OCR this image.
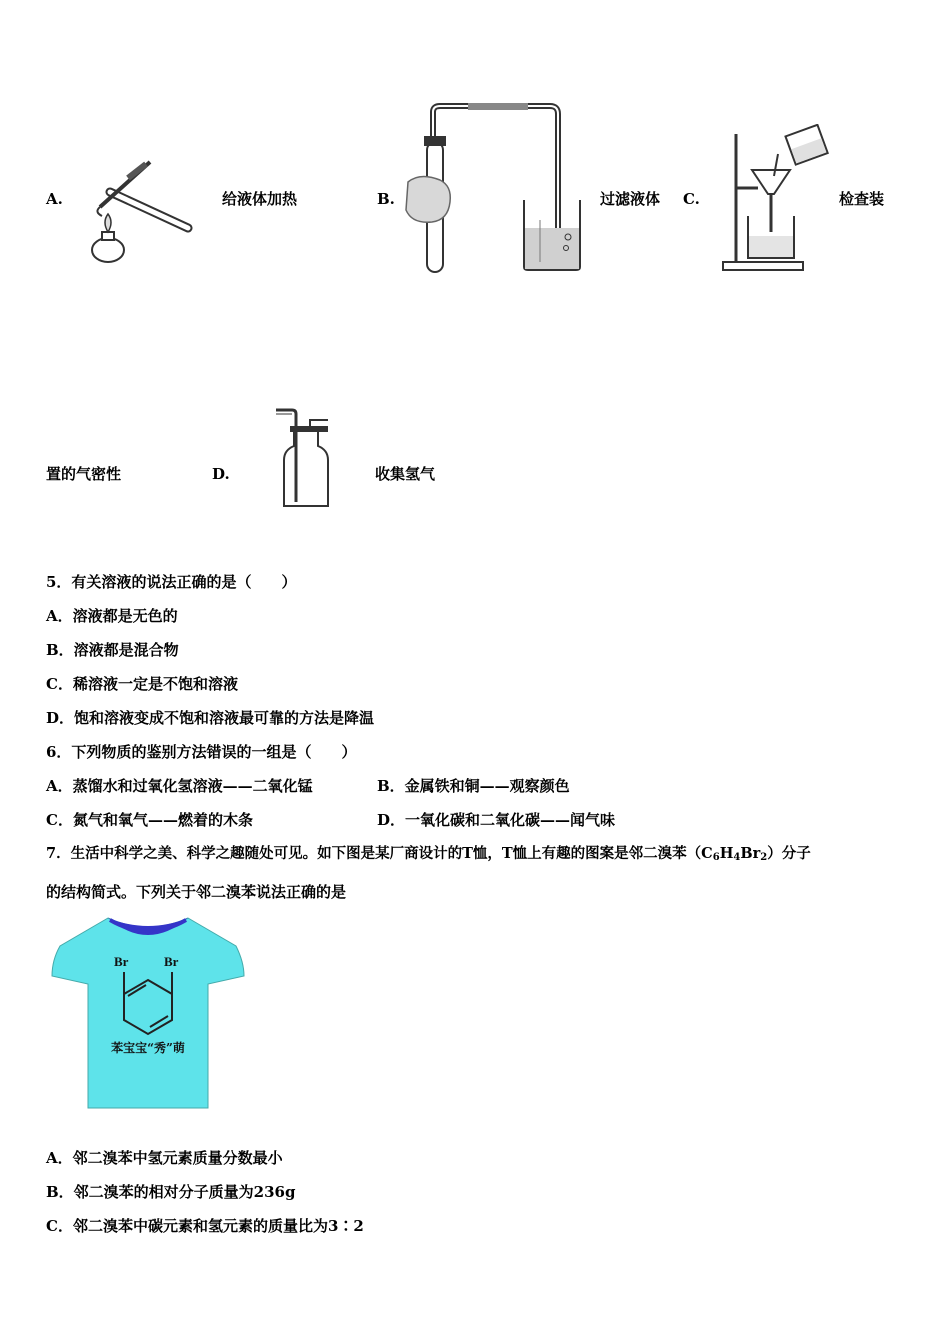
A.	给液体加热	B.	过滤液体 C.	检查装
置的气密性	D.	收集氢气
5．有关溶液的说法正确的是（　　）
A．溶液都是无色的
B．溶液都是混合物
C．稀溶液一定是不饱和溶液
D．饱和溶液变成不饱和溶液最可靠的方法是降温
6．下列物质的鉴别方法错误的一组是（　　）
A．蒸馏水和过氧化氢溶液——二氧化锰	B．金属铁和铜——观察颜色
C．氮气和氧气——燃着的木条	D．一氧化碳和二氧化碳——闻气味
7．生活中科学之美、科学之趣随处可见。如下图是某厂商设计的T恤，T恤上有趣的图案是邻二溴苯$(C_6H_4Br_2)$分子
的结构简式。下列关于邻二溴苯说法正确的是
Br	Br
苯宝宝“秀”萌
A．邻二溴苯中氢元素质量分数最小
B．邻二溴苯的相对分子质量为236g
C．邻二溴苯中碳元素和氢元素的质量比为3∶2
